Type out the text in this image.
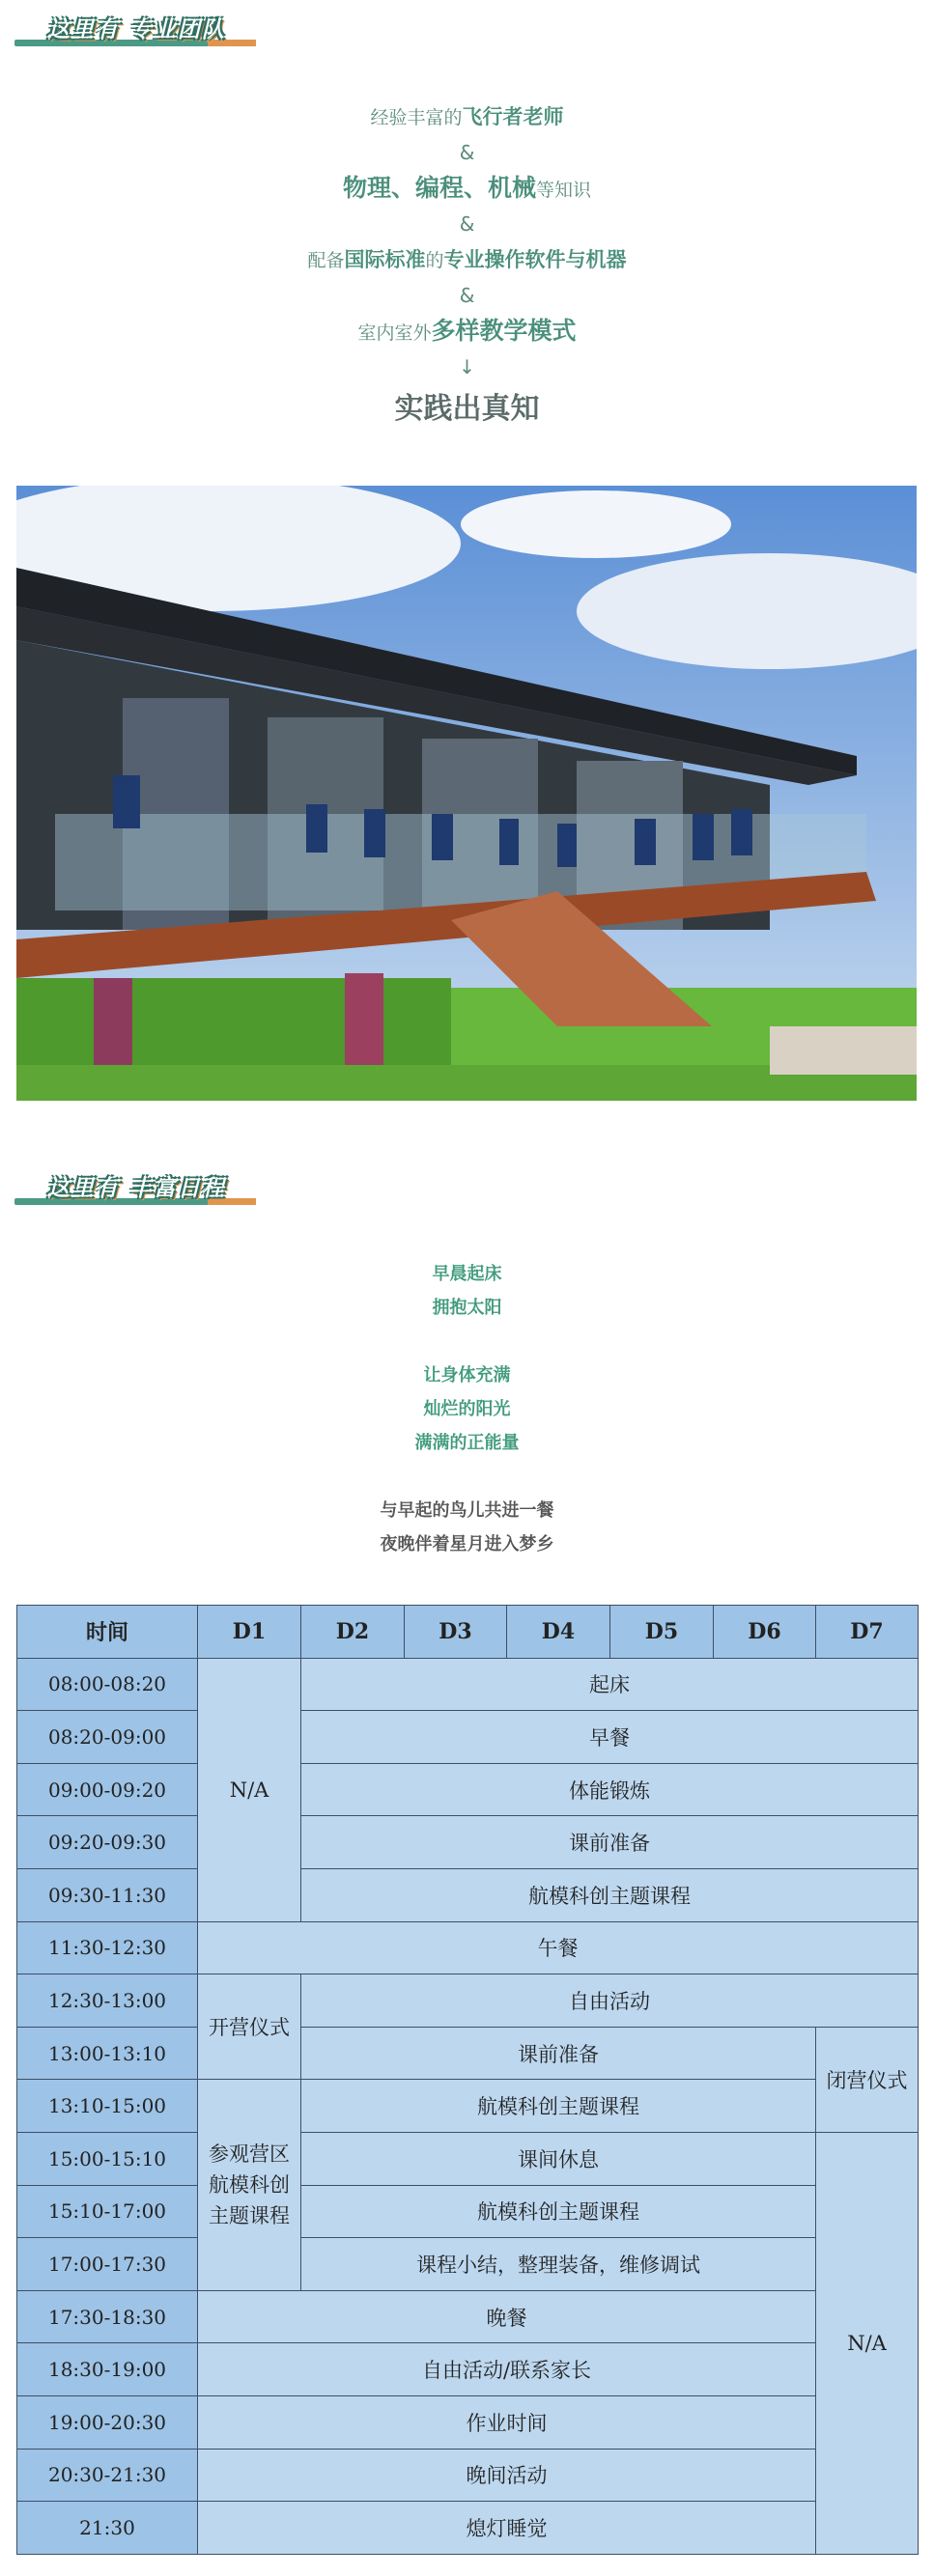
这里有 专业团队
经验丰富的飞行者老师
&
物理、编程、机械等知识
&
配备国际标准的专业操作软件与机器
&
室内室外多样教学模式
↓
实践出真知
这里有 丰富日程
早晨起床
拥抱太阳
让身体充满
灿烂的阳光
满满的正能量
与早起的鸟儿共进一餐
夜晚伴着星月进入梦乡
时间	D1	D2	D3	D4	D5	D6	D7
08:00-08:20	N/A	起床					
08:20-09:00		早餐					
09:00-09:20		体能锻炼					
09:20-09:30		课前准备					
09:30-11:30		航模科创主题课程					
11:30-12:30	午餐						
12:30-13:00	开营仪式	自由活动					
13:00-13:10		课前准备					闭营仪式
13:10-15:00	参观营区
航模科创
主题课程	航模科创主题课程					
15:00-15:10		课间休息					N/A
15:10-17:00		航模科创主题课程					
17:00-17:30		课程小结，整理装备，维修调试					
17:30-18:30	晚餐						
18:30-19:00	自由活动/联系家长						
19:00-20:30	作业时间						
20:30-21:30	晚间活动						
21:30	熄灯睡觉						
